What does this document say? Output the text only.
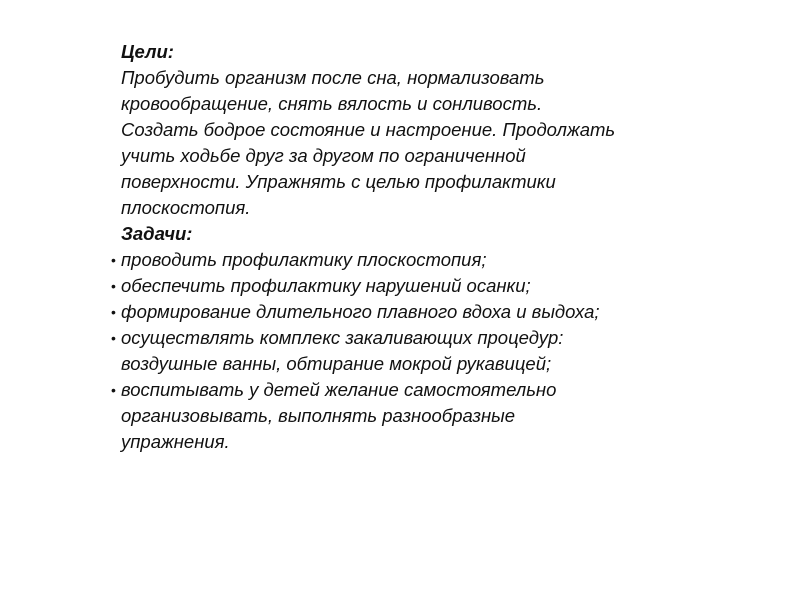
Цели:
Пробудить организм после сна, нормализовать
кровообращение, снять вялость и сонливость.
Создать бодрое состояние и настроение. Продолжать
учить ходьбе друг за другом по ограниченной
поверхности. Упражнять с целью профилактики
плоскостопия.
Задачи:
• проводить профилактику плоскостопия;
• обеспечить профилактику нарушений осанки;
• формирование длительного плавного вдоха и выдоха;
• осуществлять комплекс закаливающих процедур:
воздушные ванны, обтирание мокрой рукавицей;
• воспитывать у детей желание самостоятельно
организовывать, выполнять разнообразные
упражнения.
